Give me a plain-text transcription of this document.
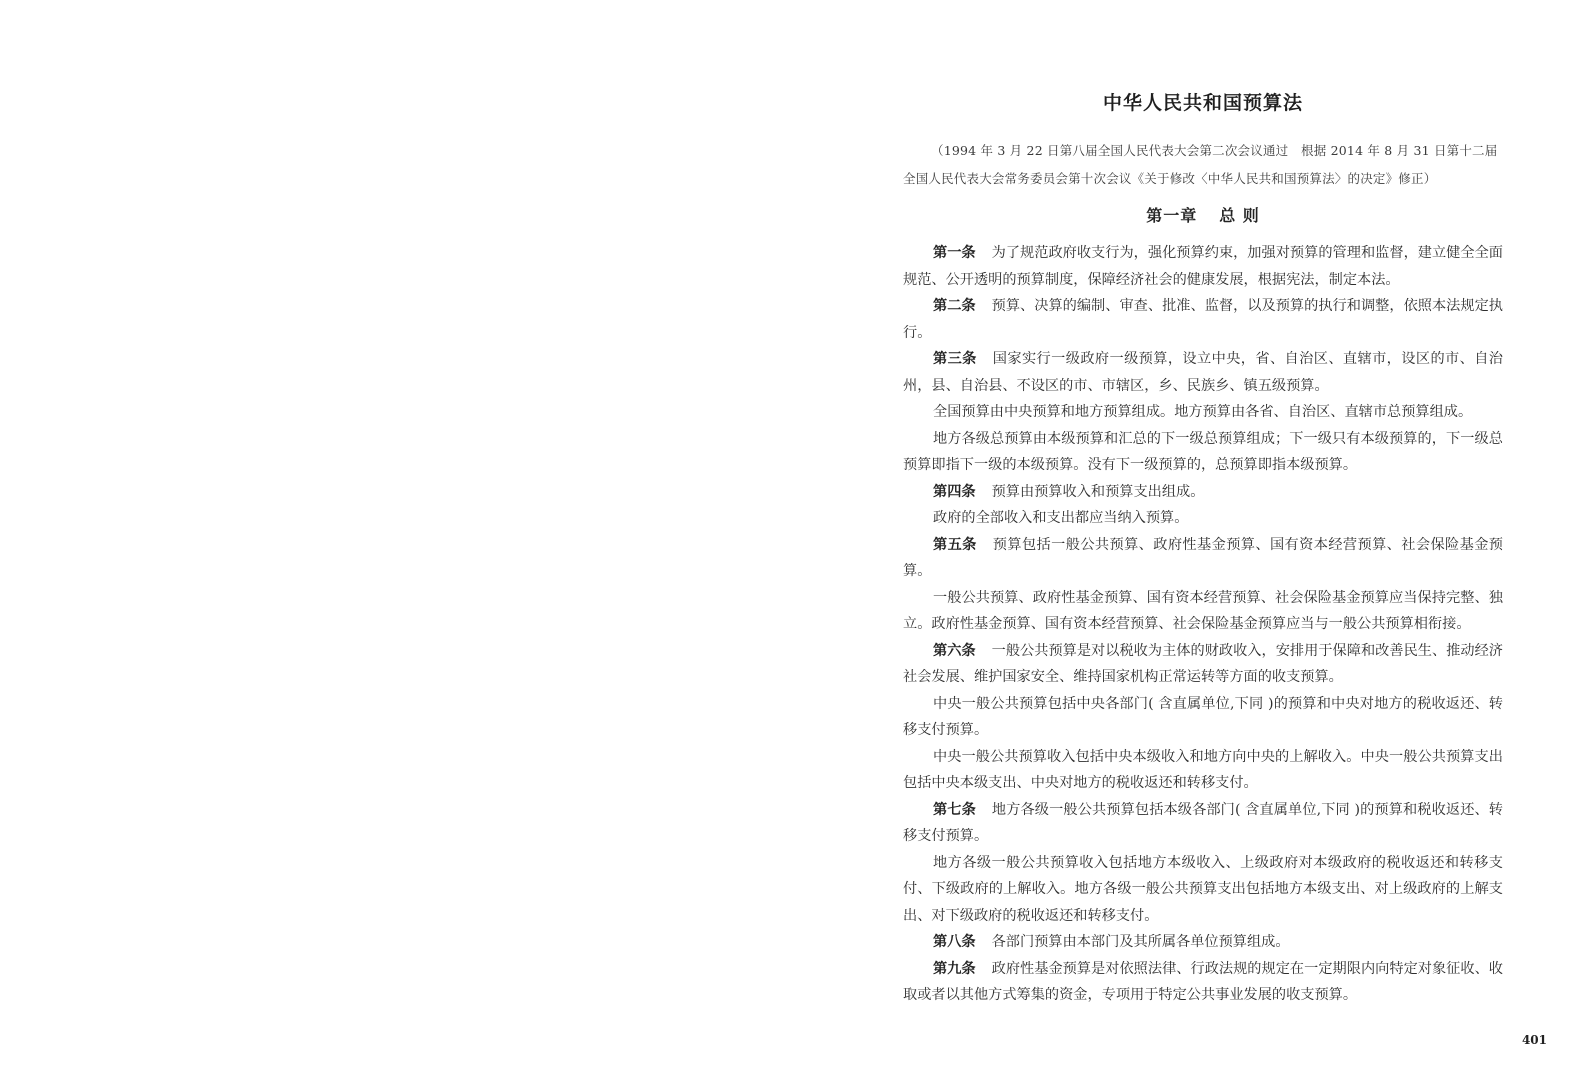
中华人民共和国预算法

（1994 年 3 月 22 日第八届全国人民代表大会第二次会议通过　根据 2014 年 8 月 31 日第十二届
全国人民代表大会常务委员会第十次会议《关于修改〈中华人民共和国预算法〉的决定》修正）

第一章 总 则

第一条 为了规范政府收支行为，强化预算约束，加强对预算的管理和监督，建立健全全面规范、公开透明的预算制度，保障经济社会的健康发展，根据宪法，制定本法。

第二条 预算、决算的编制、审查、批准、监督，以及预算的执行和调整，依照本法规定执行。

第三条 国家实行一级政府一级预算，设立中央，省、自治区、直辖市，设区的市、自治州，县、自治县、不设区的市、市辖区，乡、民族乡、镇五级预算。

全国预算由中央预算和地方预算组成。地方预算由各省、自治区、直辖市总预算组成。

地方各级总预算由本级预算和汇总的下一级总预算组成；下一级只有本级预算的，下一级总预算即指下一级的本级预算。没有下一级预算的，总预算即指本级预算。

第四条 预算由预算收入和预算支出组成。

政府的全部收入和支出都应当纳入预算。

第五条 预算包括一般公共预算、政府性基金预算、国有资本经营预算、社会保险基金预算。

一般公共预算、政府性基金预算、国有资本经营预算、社会保险基金预算应当保持完整、独立。政府性基金预算、国有资本经营预算、社会保险基金预算应当与一般公共预算相衔接。

第六条 一般公共预算是对以税收为主体的财政收入，安排用于保障和改善民生、推动经济社会发展、维护国家安全、维持国家机构正常运转等方面的收支预算。

中央一般公共预算包括中央各部门( 含直属单位,下同 )的预算和中央对地方的税收返还、转移支付预算。

中央一般公共预算收入包括中央本级收入和地方向中央的上解收入。中央一般公共预算支出包括中央本级支出、中央对地方的税收返还和转移支付。

第七条 地方各级一般公共预算包括本级各部门( 含直属单位,下同 )的预算和税收返还、转移支付预算。

地方各级一般公共预算收入包括地方本级收入、上级政府对本级政府的税收返还和转移支付、下级政府的上解收入。地方各级一般公共预算支出包括地方本级支出、对上级政府的上解支出、对下级政府的税收返还和转移支付。

第八条 各部门预算由本部门及其所属各单位预算组成。

第九条 政府性基金预算是对依照法律、行政法规的规定在一定期限内向特定对象征收、收取或者以其他方式筹集的资金，专项用于特定公共事业发展的收支预算。

401
